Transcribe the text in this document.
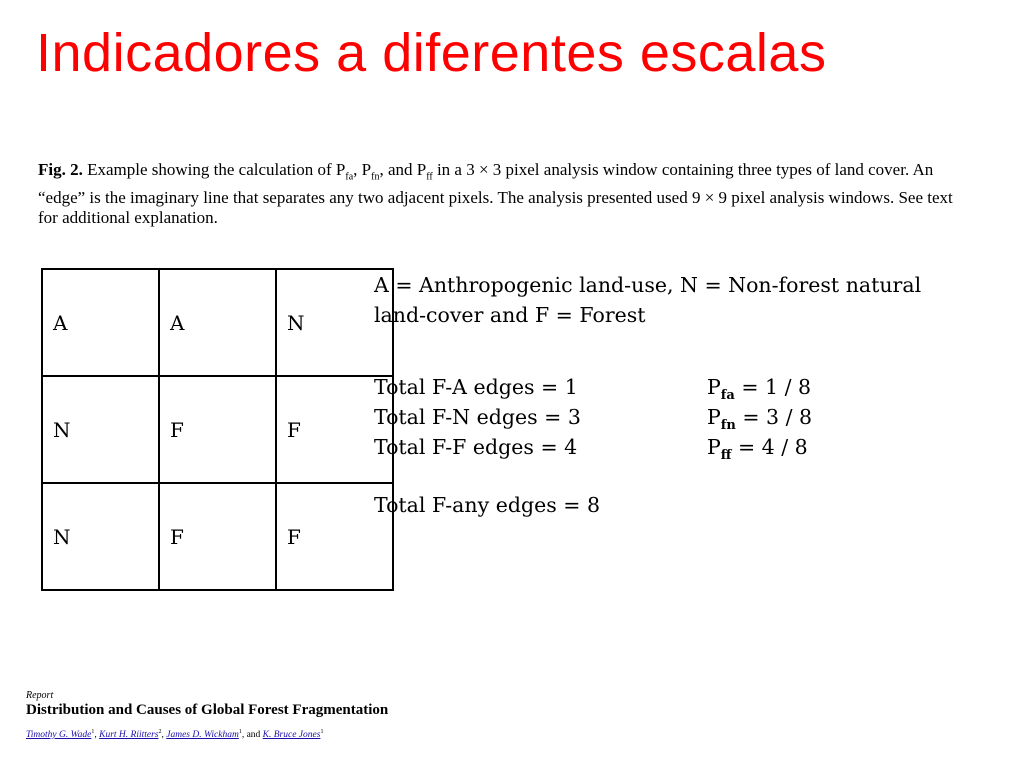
Indicadores a diferentes escalas
Fig. 2. Example showing the calculation of $P_{fa}$, $P_{fn}$, and $P_{ff}$ in a 3 × 3 pixel analysis window containing three types of land cover. An “edge” is the imaginary line that separates any two adjacent pixels. The analysis presented used 9 × 9 pixel analysis windows. See text for additional explanation.
A	A	N
N	F	F
N	F	F
A = Anthropogenic land-use, N = Non-forest natural land-cover and F = Forest
Total F-A edges = 1	$P_{fa} = 1 / 8$
Total F-N edges = 3	$P_{fn} = 3 / 8$
Total F-F edges = 4	$P_{ff} = 4 / 8$
Total F-any edges = 8
Report
Distribution and Causes of Global Forest Fragmentation
Timothy G. Wade$^1$, Kurt H. Riitters$^2$, James D. Wickham$^1$, and K. Bruce Jones$^1$
